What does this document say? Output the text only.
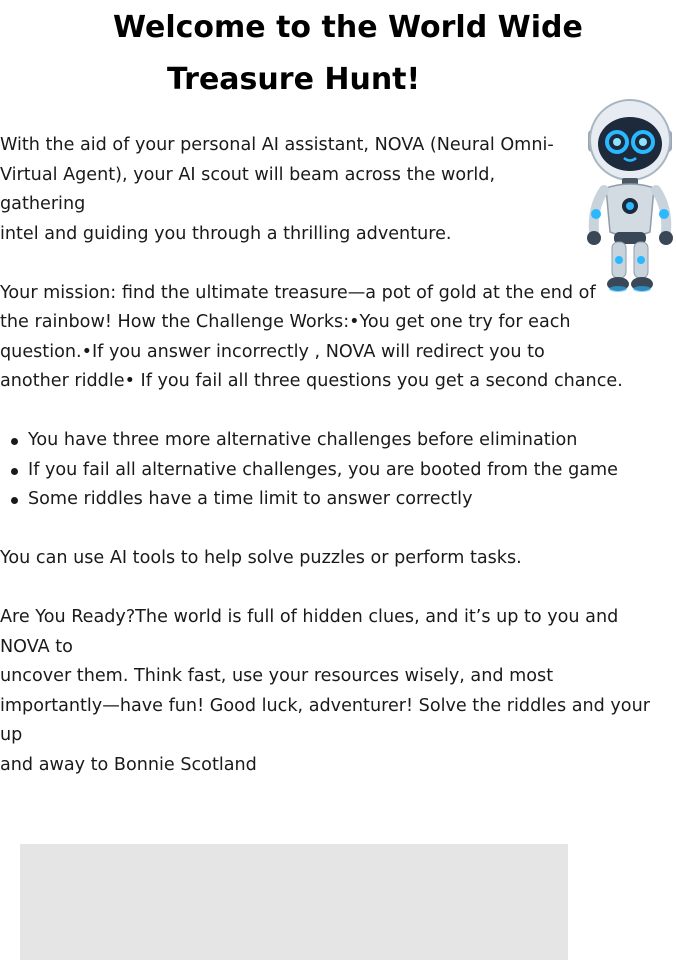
Welcome to the World Wide
Treasure Hunt!

With the aid of your personal AI assistant, NOVA (Neural Omni-
Virtual Agent), your AI scout will beam across the world, gathering
intel and guiding you through a thrilling adventure.

Your mission: find the ultimate treasure—a pot of gold at the end of
the rainbow! How the Challenge Works:•You get one try for each
question.•If you answer incorrectly , NOVA will redirect you to
another riddle• If you fail all three questions you get a second chance.

You have three more alternative challenges before elimination
If you fail all alternative challenges, you are booted from the game
Some riddles have a time limit to answer correctly

You can use AI tools to help solve puzzles or perform tasks.

Are You Ready?The world is full of hidden clues, and it’s up to you and NOVA to
uncover them. Think fast, use your resources wisely, and most
importantly—have fun! Good luck, adventurer! Solve the riddles and your up
and away to Bonnie Scotland
